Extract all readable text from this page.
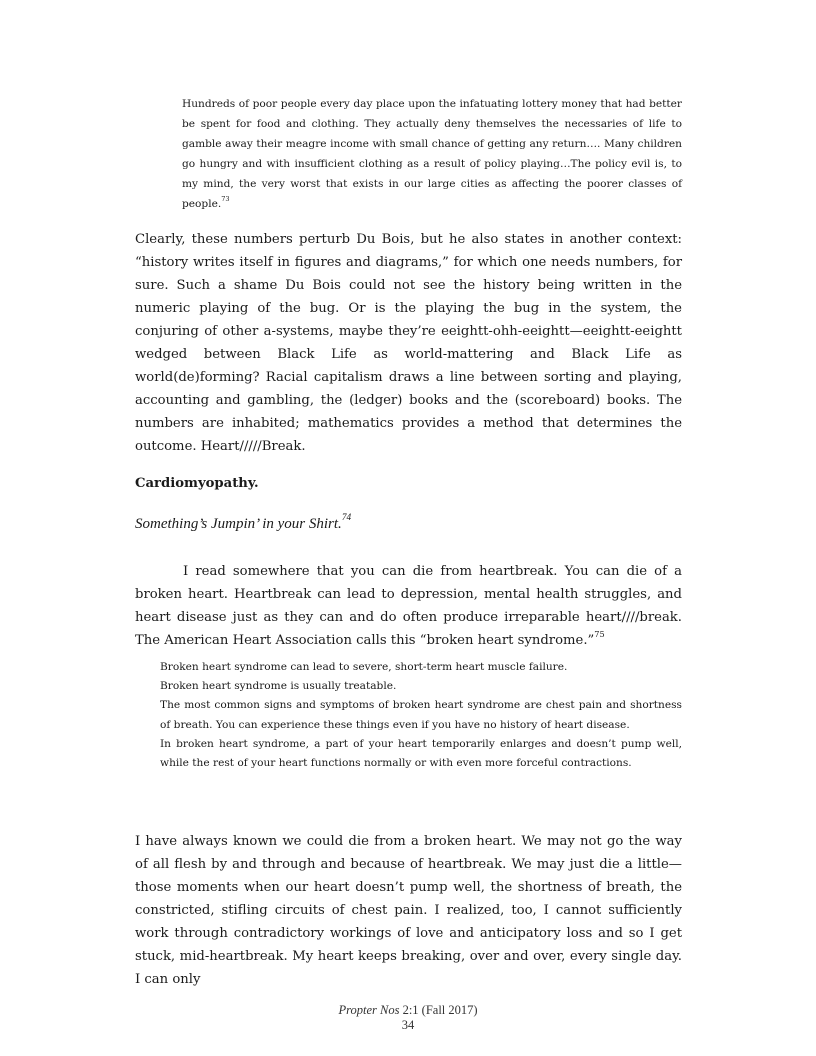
Hundreds of poor people every day place upon the infatuating lottery money that had better be spent for food and clothing. They actually deny themselves the necessaries of life to gamble away their meagre income with small chance of getting any return…. Many children go hungry and with insufficient clothing as a result of policy playing…The policy evil is, to my mind, the very worst that exists in our large cities as affecting the poorer classes of people.$^{73}$
Clearly, these numbers perturb Du Bois, but he also states in another context: “history writes itself in figures and diagrams,” for which one needs numbers, for sure. Such a shame Du Bois could not see the history being written in the numeric playing of the bug. Or is the playing the bug in the system, the conjuring of other a-systems, maybe they’re eeightt-ohh-eeightt—eeightt-eeightt wedged between Black Life as world-mattering and Black Life as world(de)forming? Racial capitalism draws a line between sorting and playing, accounting and gambling, the (ledger) books and the (scoreboard) books. The numbers are inhabited; mathematics provides a method that determines the outcome. Heart/////Break.
Cardiomyopathy.
Something’s Jumpin’ in your Shirt.$^{74}$
I read somewhere that you can die from heartbreak. You can die of a broken heart. Heartbreak can lead to depression, mental health struggles, and heart disease just as they can and do often produce irreparable heart////break. The American Heart Association calls this “broken heart syndrome.”$^{75}$
Broken heart syndrome can lead to severe, short-term heart muscle failure.
Broken heart syndrome is usually treatable.
The most common signs and symptoms of broken heart syndrome are chest pain and shortness of breath. You can experience these things even if you have no history of heart disease.
In broken heart syndrome, a part of your heart temporarily enlarges and doesn’t pump well, while the rest of your heart functions normally or with even more forceful contractions.
I have always known we could die from a broken heart. We may not go the way of all flesh by and through and because of heartbreak. We may just die a little—those moments when our heart doesn’t pump well, the shortness of breath, the constricted, stifling circuits of chest pain. I realized, too, I cannot sufficiently work through contradictory workings of love and anticipatory loss and so I get stuck, mid-heartbreak. My heart keeps breaking, over and over, every single day. I can only
Propter Nos 2:1 (Fall 2017)
34
